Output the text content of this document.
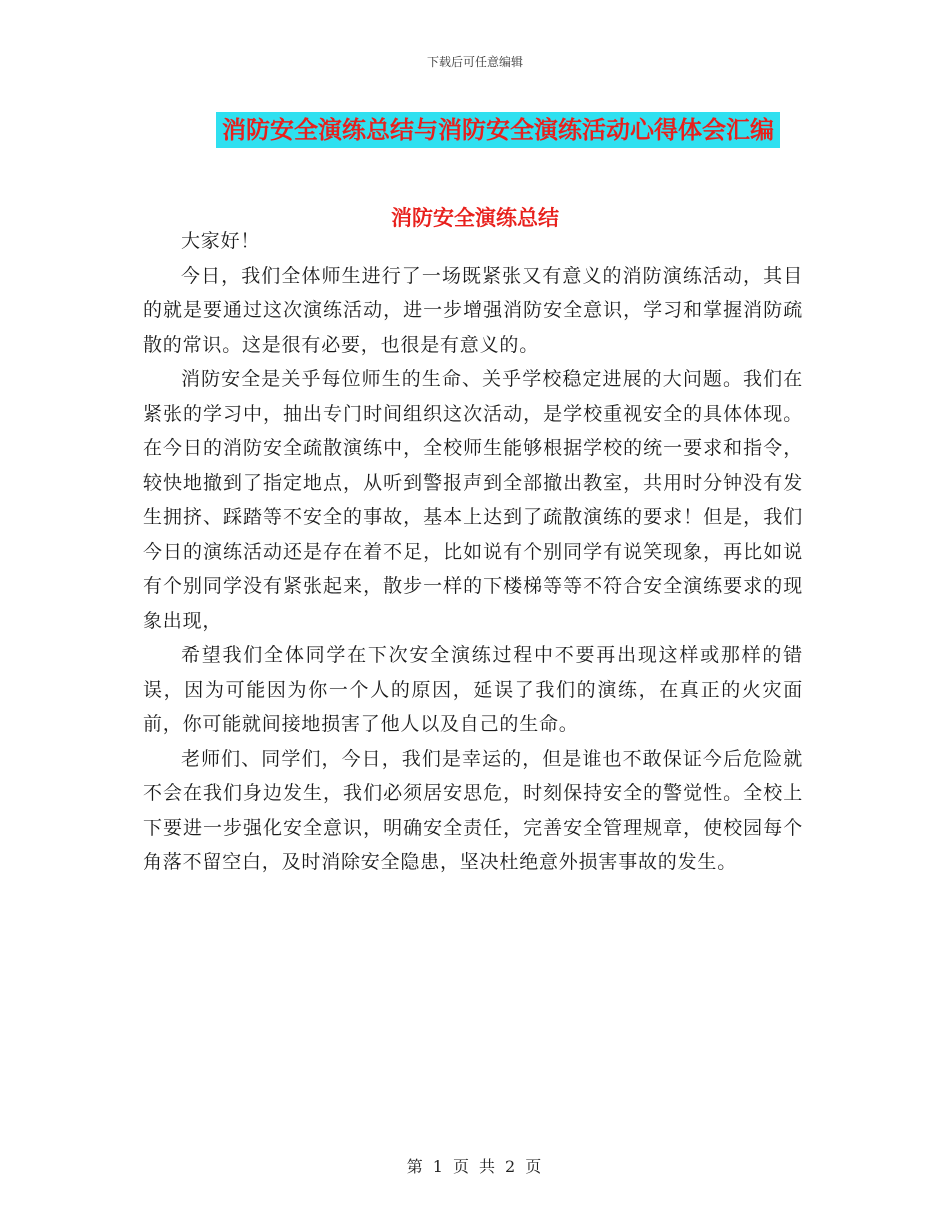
下载后可任意编辑
消防安全演练总结与消防安全演练活动心得体会汇编
消防安全演练总结

大家好！

今日，我们全体师生进行了一场既紧张又有意义的消防演练活动，其目的就是要通过这次演练活动，进一步增强消防安全意识，学习和掌握消防疏散的常识。这是很有必要，也很是有意义的。

消防安全是关乎每位师生的生命、关乎学校稳定进展的大问题。我们在紧张的学习中，抽出专门时间组织这次活动，是学校重视安全的具体体现。在今日的消防安全疏散演练中，全校师生能够根据学校的统一要求和指令，较快地撤到了指定地点，从听到警报声到全部撤出教室，共用时分钟没有发生拥挤、踩踏等不安全的事故，基本上达到了疏散演练的要求！但是，我们今日的演练活动还是存在着不足，比如说有个别同学有说笑现象，再比如说有个别同学没有紧张起来，散步一样的下楼梯等等不符合安全演练要求的现象出现，

希望我们全体同学在下次安全演练过程中不要再出现这样或那样的错误，因为可能因为你一个人的原因，延误了我们的演练，在真正的火灾面前，你可能就间接地损害了他人以及自己的生命。

老师们、同学们，今日，我们是幸运的，但是谁也不敢保证今后危险就不会在我们身边发生，我们必须居安思危，时刻保持安全的警觉性。全校上下要进一步强化安全意识，明确安全责任，完善安全管理规章，使校园每个角落不留空白，及时消除安全隐患，坚决杜绝意外损害事故的发生。

第 1 页 共 2 页
